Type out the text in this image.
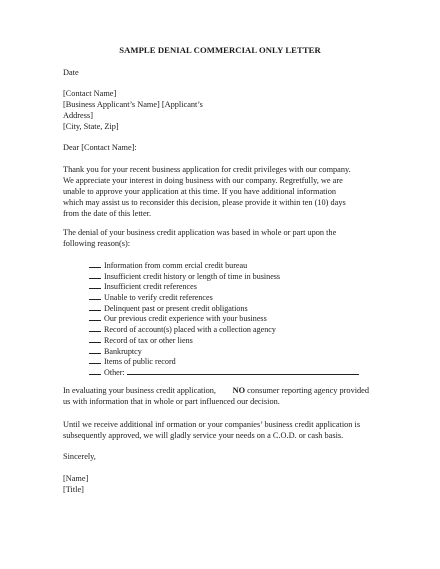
SAMPLE DENIAL COMMERCIAL ONLY LETTER
Date
[Contact Name]
[Business Applicant’s Name] [Applicant’s
Address]
[City, State, Zip]
Dear [Contact Name]:
Thank you for your recent business application for credit privileges with our company.
We appreciate your interest in doing business with our company. Regretfully, we are
unable to approve your application at this time. If you have additional information
which may assist us to reconsider this decision, please provide it within ten (10) days
from the date of this letter.
The denial of your business credit application was based in whole or part upon the
following reason(s):
Information from comm ercial credit bureau
Insufficient credit history or length of time in business
Insufficient credit references
Unable to verify credit references
Delinquent past or present credit obligations
Our previous credit experience with your business
Record of account(s) placed with a collection agency
Record of tax or other liens
Bankruptcy
Items of public record
Other:
In evaluating your business credit application, NO consumer reporting agency provided
us with information that in whole or part influenced our decision.
Until we receive additional inf ormation or your companies’ business credit application is
subsequently approved, we will gladly service your needs on a C.O.D. or cash basis.
Sincerely,
[Name]
[Title]
